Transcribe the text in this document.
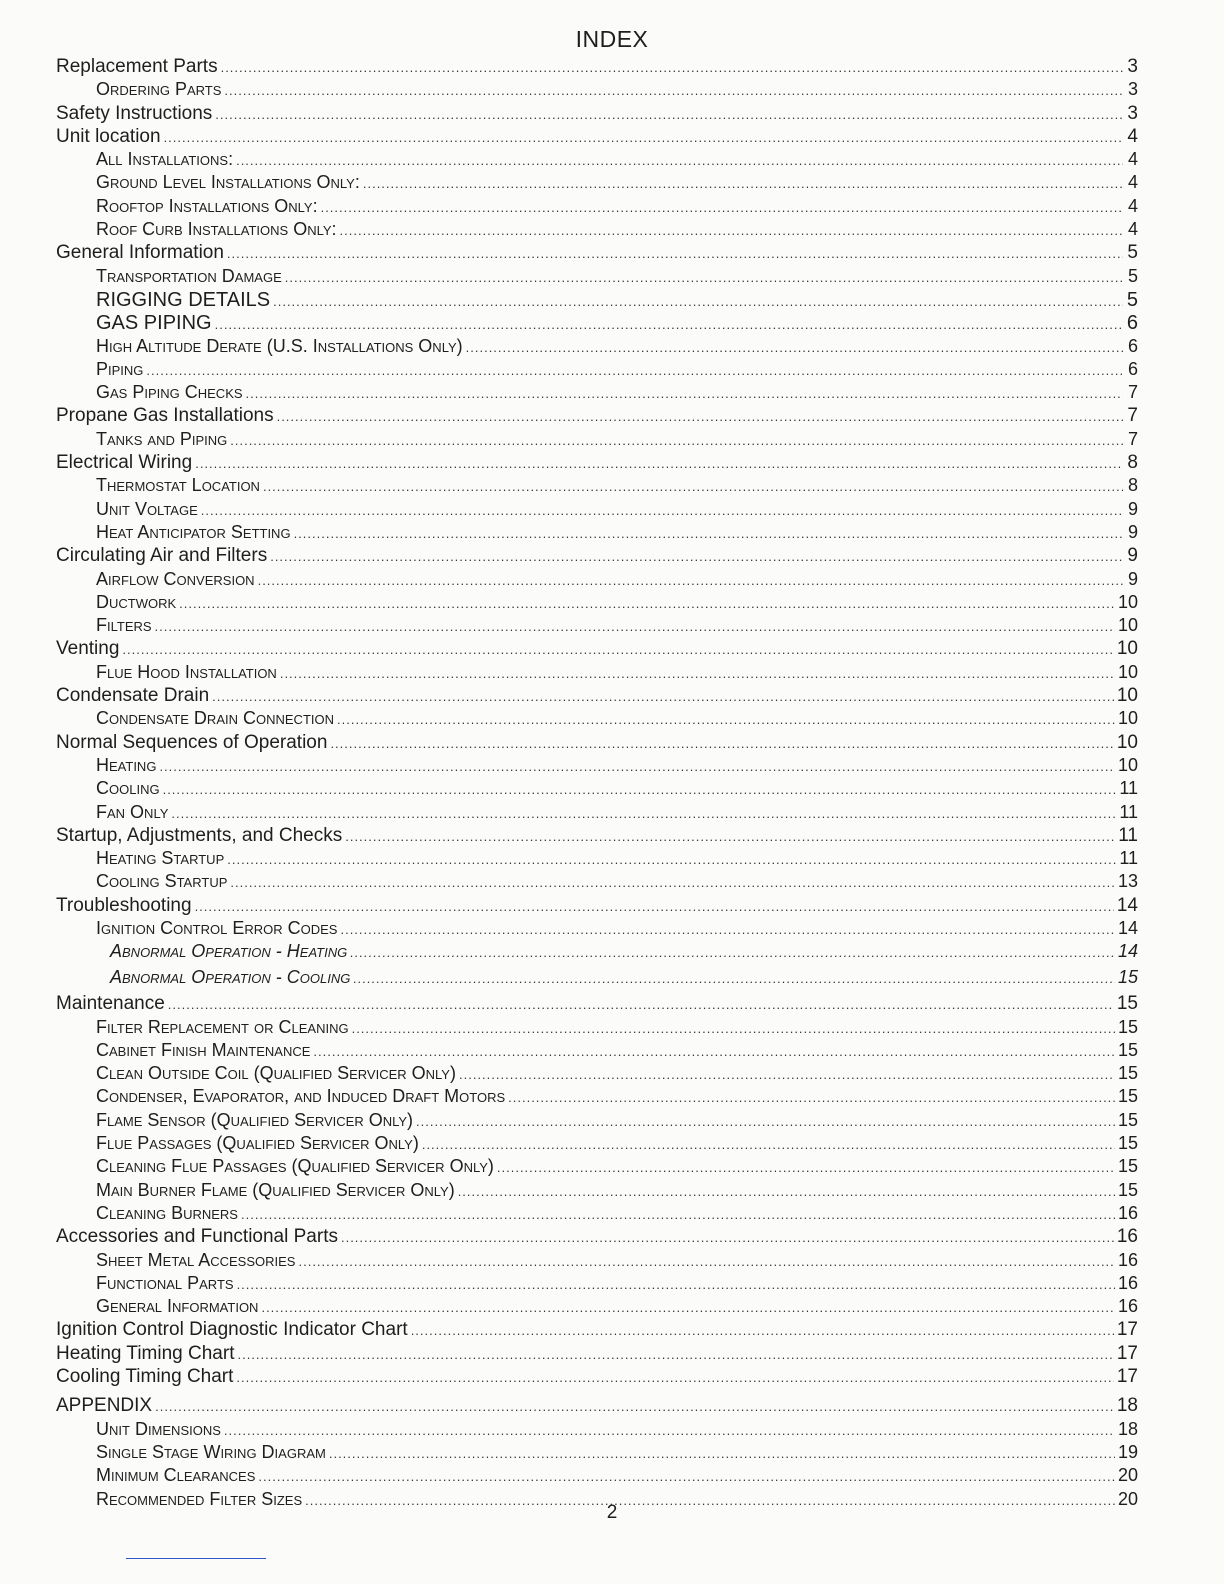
INDEX
Replacement Parts .....	3
Ordering Parts .....	3
Safety Instructions .....	3
Unit location .....	4
All Installations: .....	4
Ground Level Installations Only: .....	4
Rooftop Installations Only: .....	4
Roof Curb Installations Only: .....	4
General Information .....	5
Transportation Damage .....	5
RIGGING DETAILS .....	5
GAS PIPING .....	6
High Altitude Derate (U.S. Installations Only) .....	6
Piping .....	6
Gas Piping Checks .....	7
Propane Gas Installations .....	7
Tanks and Piping .....	7
Electrical Wiring .....	8
Thermostat Location .....	8
Unit Voltage .....	9
Heat Anticipator Setting .....	9
Circulating Air and Filters .....	9
Airflow Conversion .....	9
Ductwork .....	10
Filters .....	10
Venting .....	10
Flue Hood Installation .....	10
Condensate Drain .....	10
Condensate Drain Connection .....	10
Normal Sequences of Operation .....	10
Heating .....	10
Cooling .....	11
Fan Only .....	11
Startup, Adjustments, and Checks .....	11
Heating Startup .....	11
Cooling Startup .....	13
Troubleshooting .....	14
Ignition Control Error Codes .....	14
Abnormal Operation - Heating .....	14
Abnormal Operation - Cooling .....	15
Maintenance .....	15
Filter Replacement or Cleaning .....	15
Cabinet Finish Maintenance .....	15
Clean Outside Coil (Qualified Servicer Only) .....	15
Condenser, Evaporator, and Induced Draft Motors .....	15
Flame Sensor (Qualified Servicer Only) .....	15
Flue Passages (Qualified Servicer Only) .....	15
Cleaning Flue Passages (Qualified Servicer Only) .....	15
Main Burner Flame (Qualified Servicer Only) .....	15
Cleaning Burners .....	16
Accessories and Functional Parts .....	16
Sheet Metal Accessories .....	16
Functional Parts .....	16
General Information .....	16
Ignition Control Diagnostic Indicator Chart .....	17
Heating Timing Chart .....	17
Cooling Timing Chart .....	17
APPENDIX .....	18
Unit Dimensions .....	18
Single Stage Wiring Diagram .....	19
Minimum Clearances .....	20
Recommended Filter Sizes .....	20
2
